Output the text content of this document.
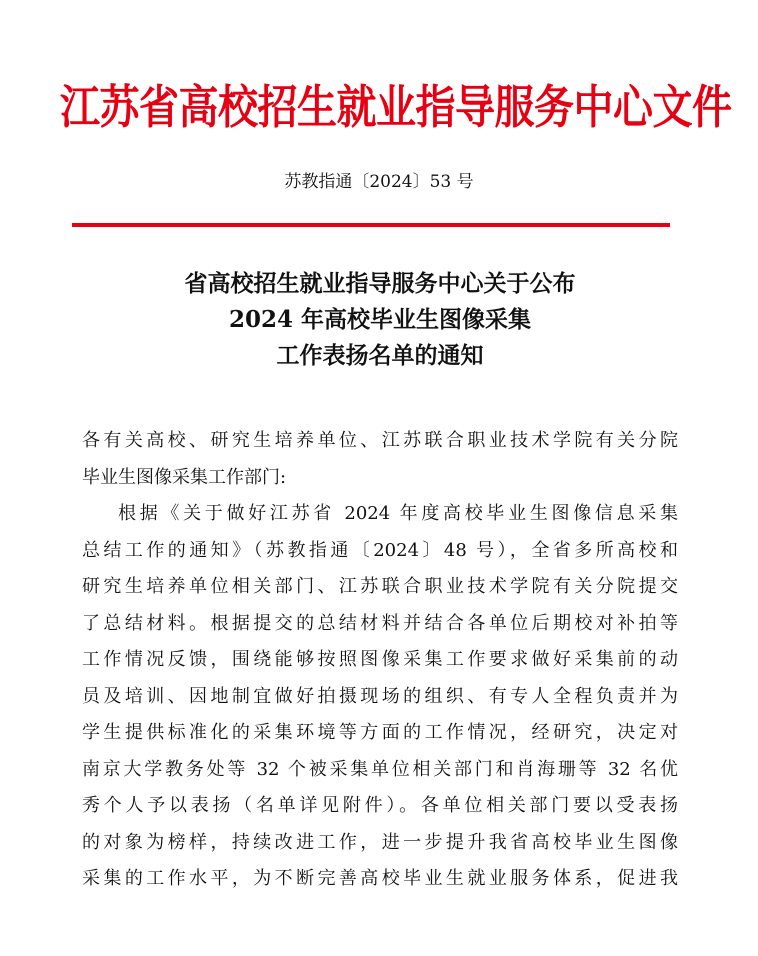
江苏省高校招生就业指导服务中心文件
苏教指通〔2024〕53 号
省高校招生就业指导服务中心关于公布
2024 年高校毕业生图像采集
工作表扬名单的通知
各有关高校、研究生培养单位、江苏联合职业技术学院有关分院
毕业生图像采集工作部门:
根据《关于做好江苏省 2024 年度高校毕业生图像信息采集
总结工作的通知》（苏教指通〔2024〕48 号），全省多所高校和
研究生培养单位相关部门、江苏联合职业技术学院有关分院提交
了总结材料。根据提交的总结材料并结合各单位后期校对补拍等
工作情况反馈，围绕能够按照图像采集工作要求做好采集前的动
员及培训、因地制宜做好拍摄现场的组织、有专人全程负责并为
学生提供标准化的采集环境等方面的工作情况，经研究，决定对
南京大学教务处等 32 个被采集单位相关部门和肖海珊等 32 名优
秀个人予以表扬（名单详见附件）。各单位相关部门要以受表扬
的对象为榜样，持续改进工作，进一步提升我省高校毕业生图像
采集的工作水平，为不断完善高校毕业生就业服务体系，促进我
